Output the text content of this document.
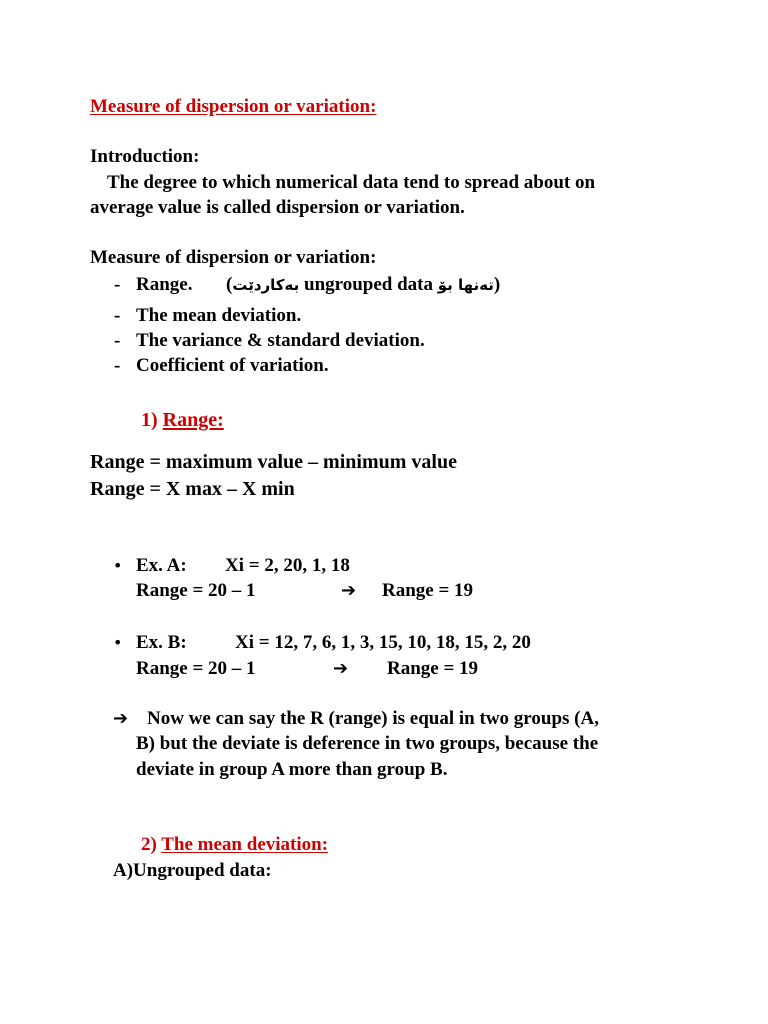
Measure of dispersion or variation:
Introduction:
The degree to which numerical data tend to spread about on
average value is called dispersion or variation.
Measure of dispersion or variation:
- Range. (بەکاردێت ungrouped data تەنها بۆ)
- The mean deviation.
- The variance & standard deviation.
- Coefficient of variation.
1) Range:
Range = maximum value – minimum value
Range = X max – X min
• Ex. A: Xi = 2, 20, 1, 18
Range = 20 – 1	➔ Range = 19
• Ex. B:	Xi = 12, 7, 6, 1, 3, 15, 10, 18, 15, 2, 20
Range = 20 – 1	➔ Range = 19
➔ Now we can say the R (range) is equal in two groups (A,
B) but the deviate is deference in two groups, because the
deviate in group A more than group B.
2) The mean deviation:
A)Ungrouped data:
